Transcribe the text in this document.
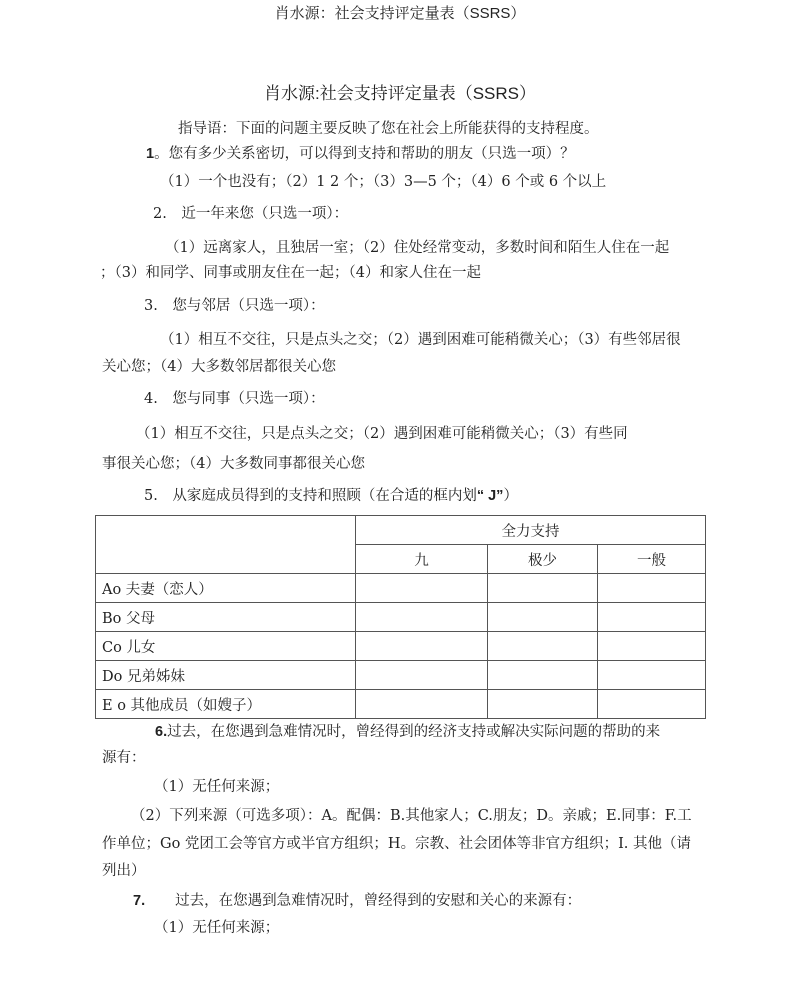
肖水源：社会支持评定量表（SSRS）
肖水源:社会支持评定量表（SSRS）
指导语：下面的问题主要反映了您在社会上所能获得的支持程度。
1。您有多少关系密切，可以得到支持和帮助的朋友（只选一项）？
（1）一个也没有；（2）1 2 个；（3）3—5 个；（4）6 个或 6 个以上
2.　近一年来您（只选一项）：
（1）远离家人，且独居一室；（2）住处经常变动，多数时间和陌生人住在一起
；（3）和同学、同事或朋友住在一起；（4）和家人住在一起
3.　您与邻居（只选一项）：
（1）相互不交往，只是点头之交；（2）遇到困难可能稍微关心；（3）有些邻居很
关心您；（4）大多数邻居都很关心您
4.　您与同事（只选一项）：
（1）相互不交往，只是点头之交；（2）遇到困难可能稍微关心；（3）有些同
事很关心您；（4）大多数同事都很关心您
5.　从家庭成员得到的支持和照顾（在合适的框内划“ J”）
	全力支持		
	九	极少	一般
Ao 夫妻（恋人）			
Bo 父母			
Co 儿女			
Do 兄弟姊妹			
E o 其他成员（如嫂子）			
6.过去，在您遇到急难情况时，曾经得到的经济支持或解决实际问题的帮助的来
源有：
（1）无任何来源；
（2）下列来源（可选多项）：A。配偶：B.其他家人；C.朋友；D。亲戚；E.同事：F.工
作单位；Go 党团工会等官方或半官方组织；H。宗教、社会团体等非官方组织；I. 其他（请
列出）
7. 过去，在您遇到急难情况时，曾经得到的安慰和关心的来源有：
（1）无任何来源；
